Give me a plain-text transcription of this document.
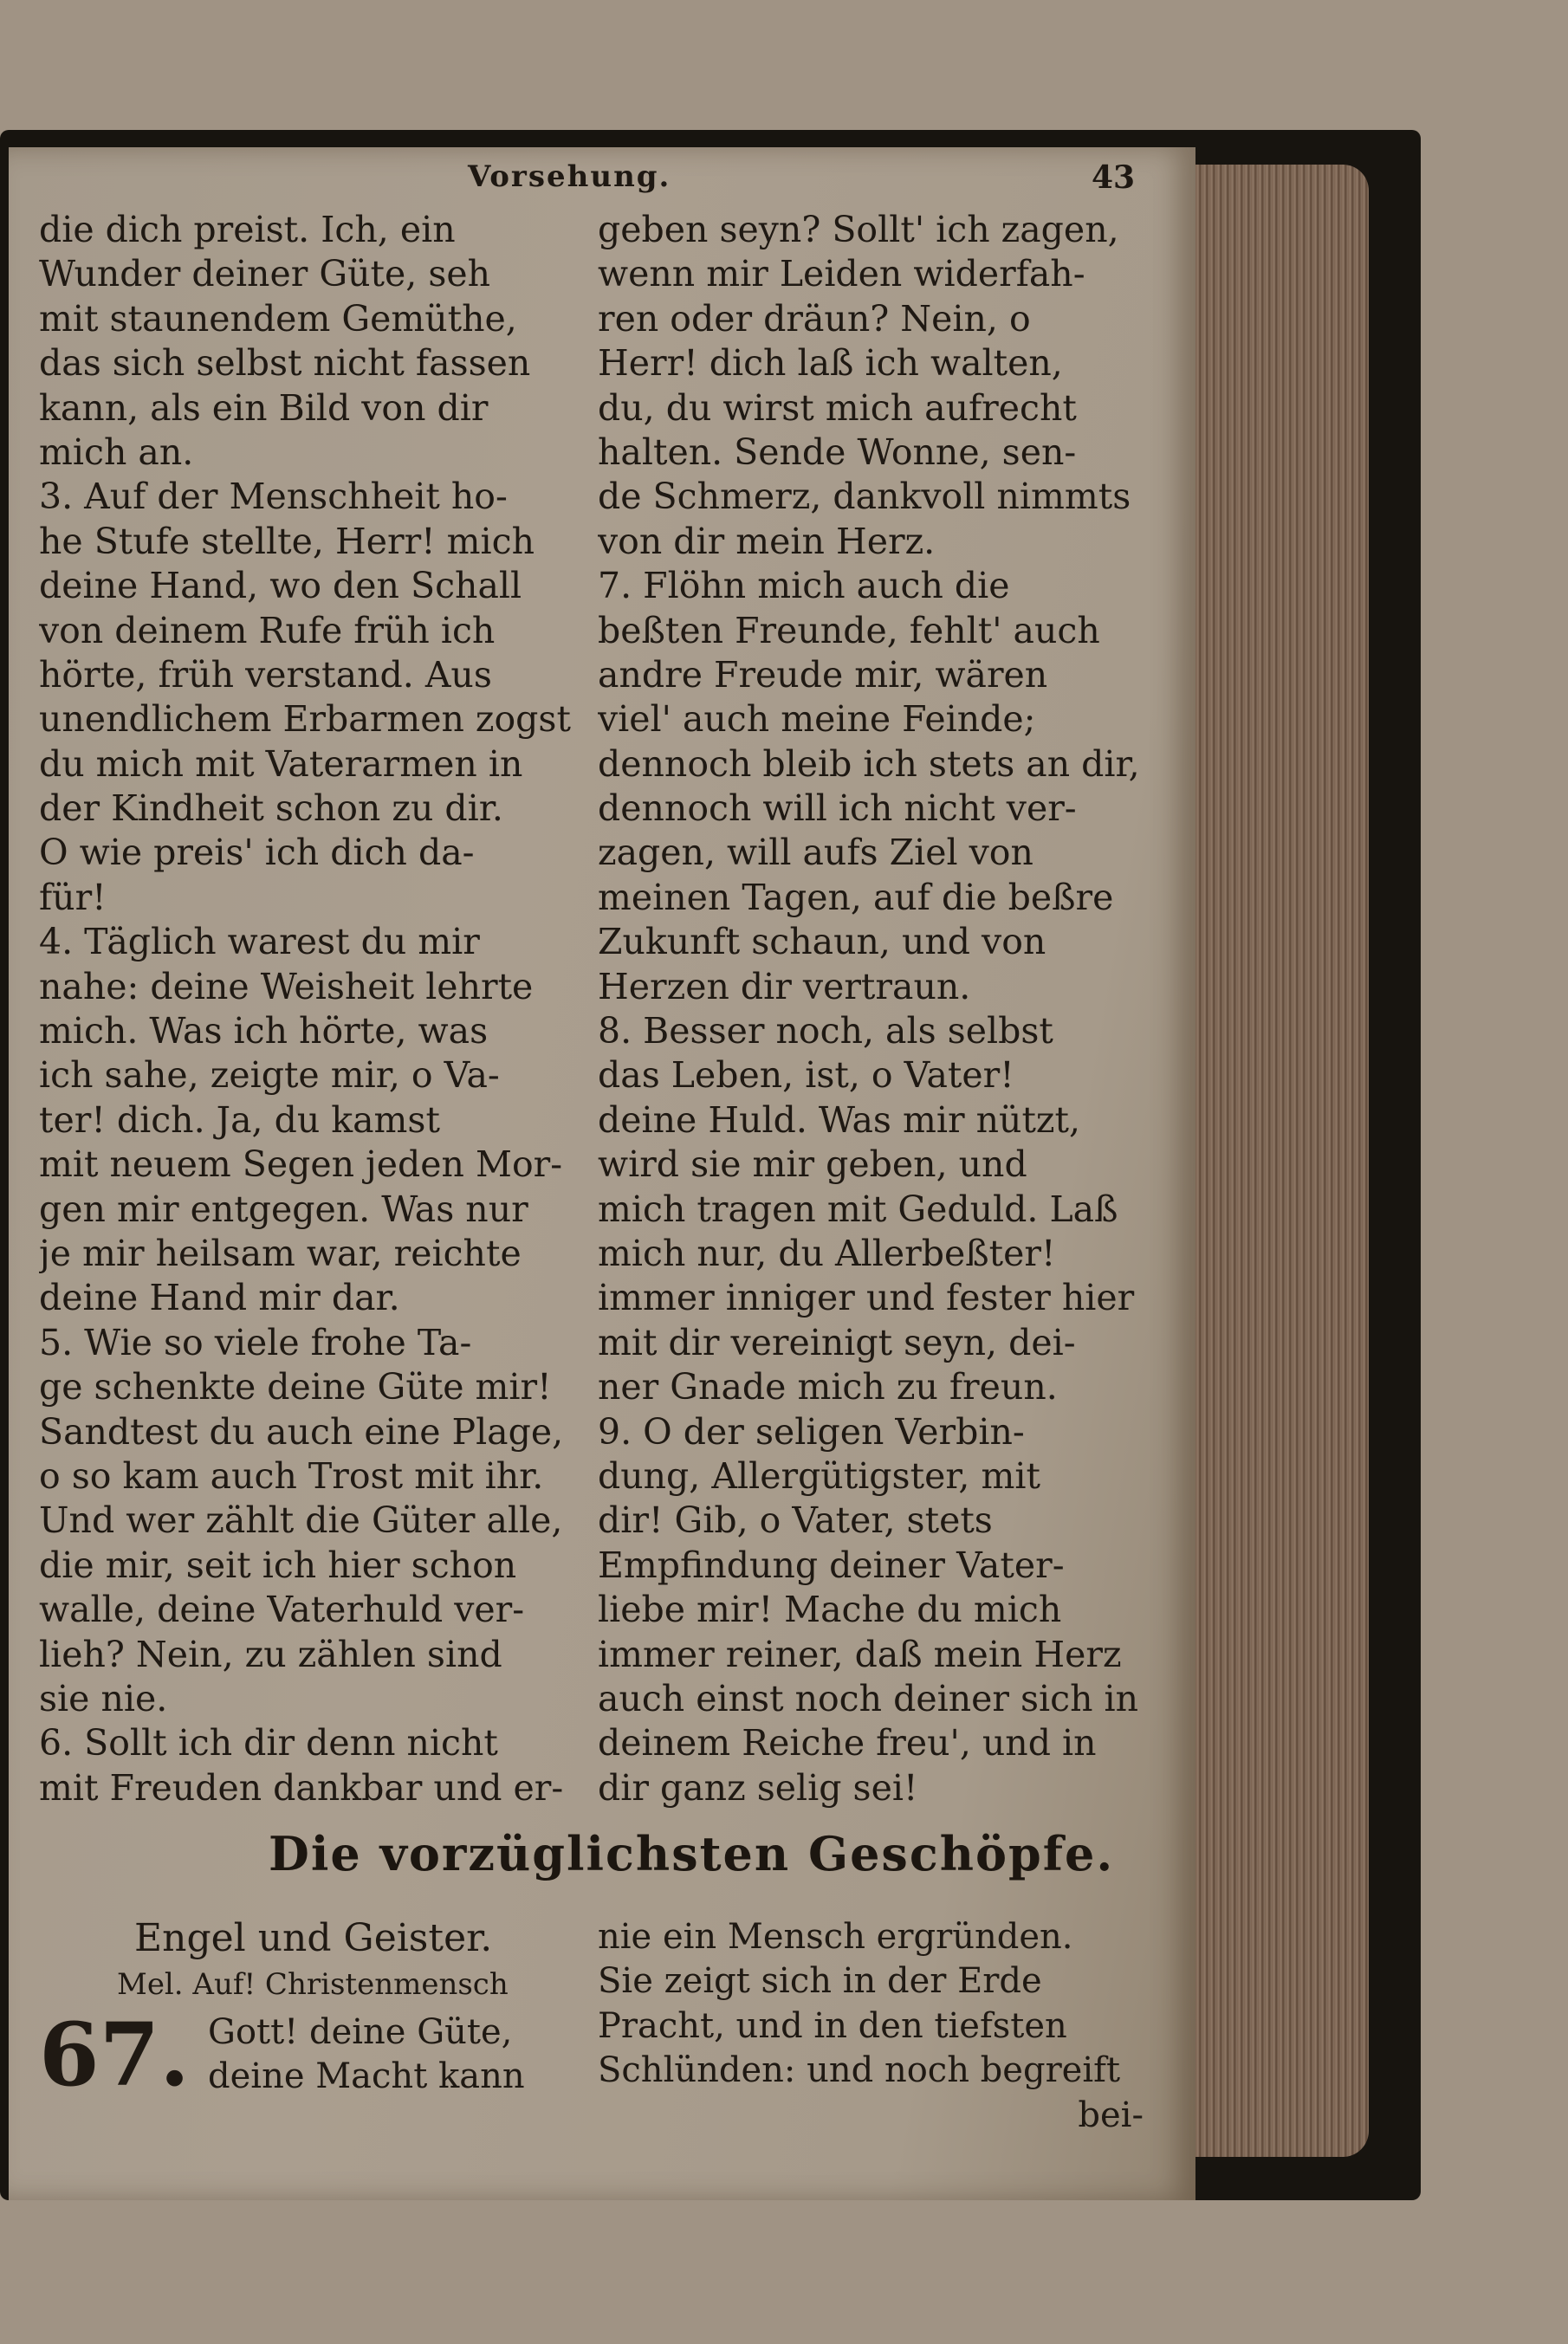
Vorsehung.	43
die dich preist. Ich, ein
Wunder deiner Güte, seh
mit staunendem Gemüthe,
das sich selbst nicht fassen
kann, als ein Bild von dir
mich an.
3. Auf der Menschheit ho-
he Stufe stellte, Herr! mich
deine Hand, wo den Schall
von deinem Rufe früh ich
hörte, früh verstand. Aus
unendlichem Erbarmen zogst
du mich mit Vaterarmen in
der Kindheit schon zu dir.
O wie preis' ich dich da-
für!
4. Täglich warest du mir
nahe: deine Weisheit lehrte
mich. Was ich hörte, was
ich sahe, zeigte mir, o Va-
ter! dich. Ja, du kamst
mit neuem Segen jeden Mor-
gen mir entgegen. Was nur
je mir heilsam war, reichte
deine Hand mir dar.
5. Wie so viele frohe Ta-
ge schenkte deine Güte mir!
Sandtest du auch eine Plage,
o so kam auch Trost mit ihr.
Und wer zählt die Güter alle,
die mir, seit ich hier schon
walle, deine Vaterhuld ver-
lieh? Nein, zu zählen sind
sie nie.
6. Sollt ich dir denn nicht
mit Freuden dankbar und er-
geben seyn? Sollt' ich zagen,
wenn mir Leiden widerfah-
ren oder dräun? Nein, o
Herr! dich laß ich walten,
du, du wirst mich aufrecht
halten. Sende Wonne, sen-
de Schmerz, dankvoll nimmts
von dir mein Herz.
7. Flöhn mich auch die
beßten Freunde, fehlt' auch
andre Freude mir, wären
viel' auch meine Feinde;
dennoch bleib ich stets an dir,
dennoch will ich nicht ver-
zagen, will aufs Ziel von
meinen Tagen, auf die beßre
Zukunft schaun, und von
Herzen dir vertraun.
8. Besser noch, als selbst
das Leben, ist, o Vater!
deine Huld. Was mir nützt,
wird sie mir geben, und
mich tragen mit Geduld. Laß
mich nur, du Allerbeßter!
immer inniger und fester hier
mit dir vereinigt seyn, dei-
ner Gnade mich zu freun.
9. O der seligen Verbin-
dung, Allergütigster, mit
dir! Gib, o Vater, stets
Empfindung deiner Vater-
liebe mir! Mache du mich
immer reiner, daß mein Herz
auch einst noch deiner sich in
deinem Reiche freu', und in
dir ganz selig sei!
Die vorzüglichsten Geschöpfe.
Engel und Geister.
Mel. Auf! Christenmensch
67. Gott! deine Güte,
deine Macht kann
nie ein Mensch ergründen.
Sie zeigt sich in der Erde
Pracht, und in den tiefsten
Schlünden: und noch begreift
bei-
